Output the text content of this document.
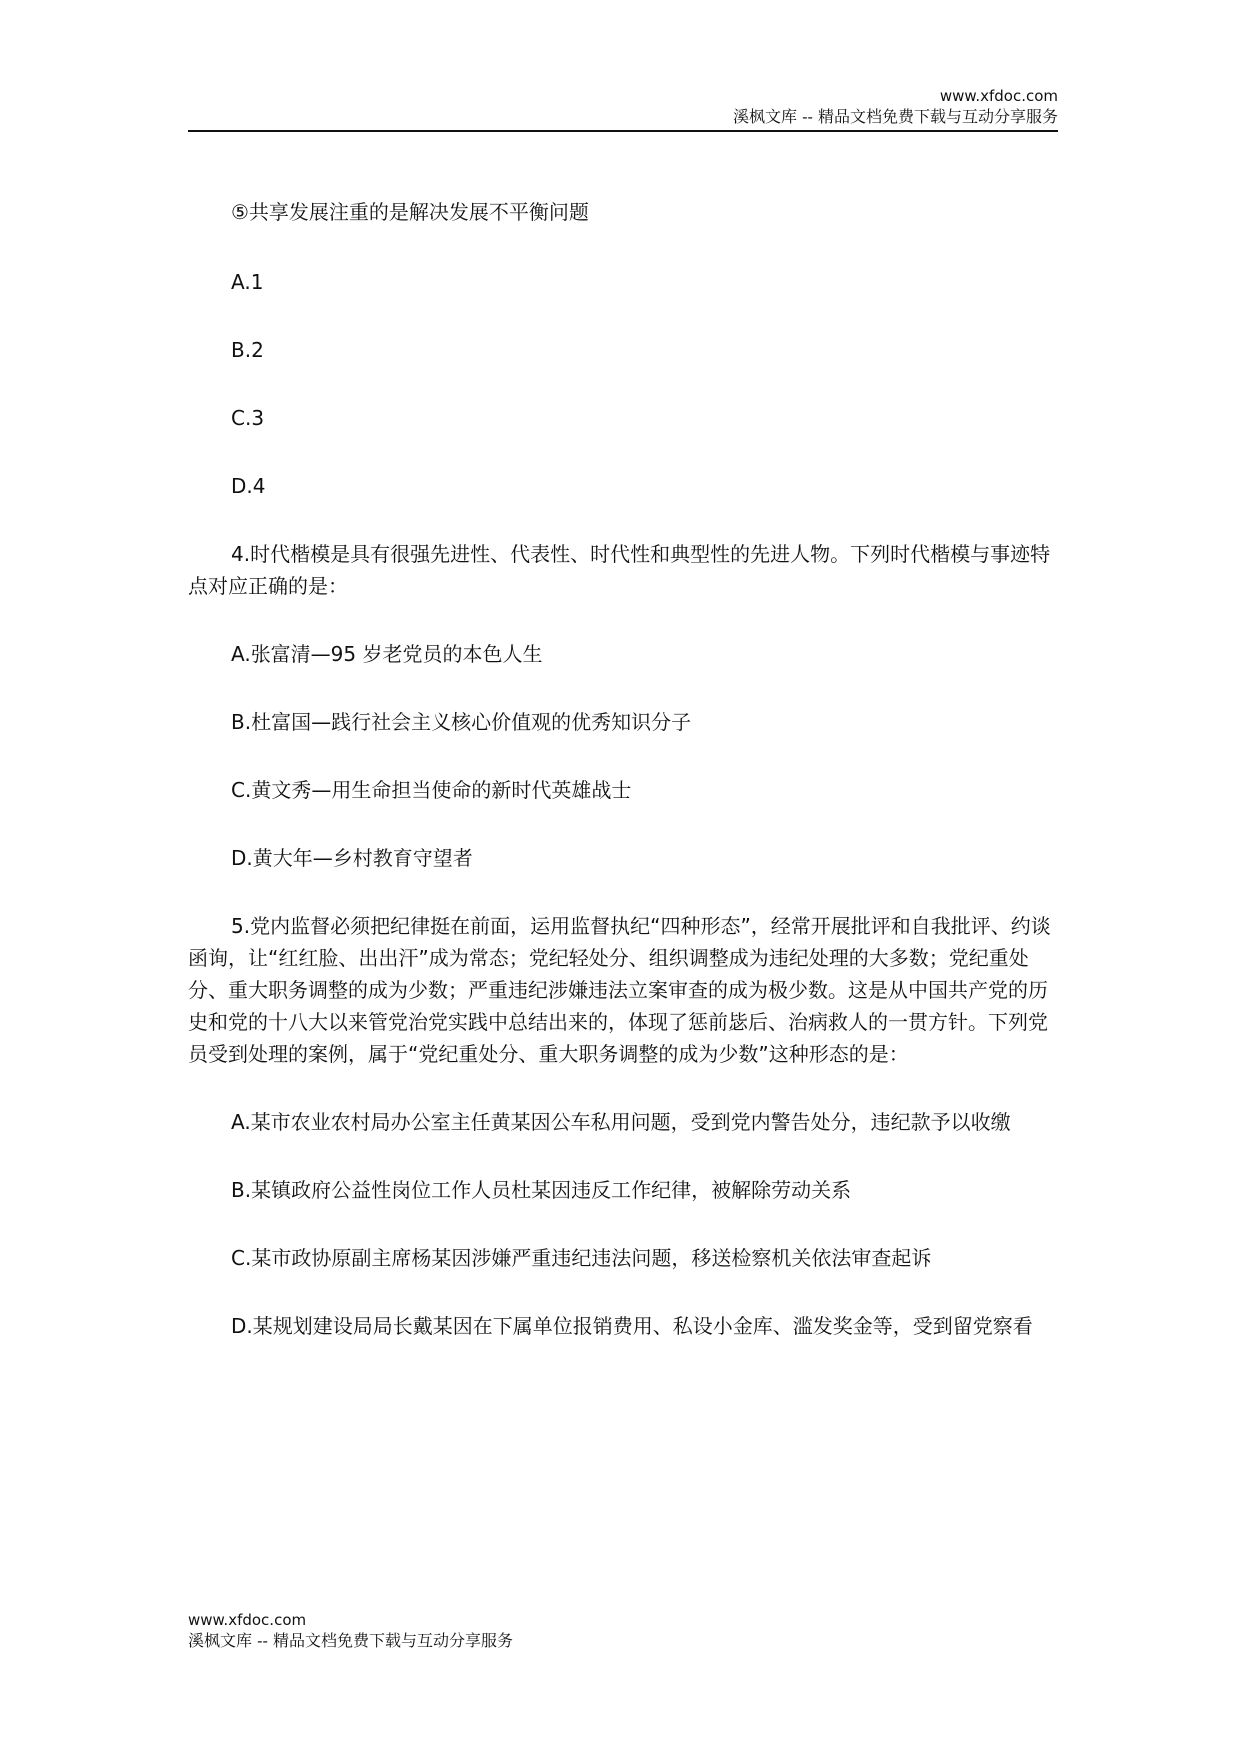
www.xfdoc.com
溪枫文库 -- 精品文档免费下载与互动分享服务

⑤共享发展注重的是解决发展不平衡问题

A.1

B.2

C.3

D.4

4.时代楷模是具有很强先进性、代表性、时代性和典型性的先进人物。下列时代楷模与事迹特点对应正确的是：

A.张富清—95 岁老党员的本色人生

B.杜富国—践行社会主义核心价值观的优秀知识分子

C.黄文秀—用生命担当使命的新时代英雄战士

D.黄大年—乡村教育守望者

5.党内监督必须把纪律挺在前面，运用监督执纪“四种形态”，经常开展批评和自我批评、约谈函询，让“红红脸、出出汗”成为常态；党纪轻处分、组织调整成为违纪处理的大多数；党纪重处分、重大职务调整的成为少数；严重违纪涉嫌违法立案审查的成为极少数。这是从中国共产党的历史和党的十八大以来管党治党实践中总结出来的，体现了惩前毖后、治病救人的一贯方针。下列党员受到处理的案例，属于“党纪重处分、重大职务调整的成为少数”这种形态的是：

A.某市农业农村局办公室主任黄某因公车私用问题，受到党内警告处分，违纪款予以收缴

B.某镇政府公益性岗位工作人员杜某因违反工作纪律，被解除劳动关系

C.某市政协原副主席杨某因涉嫌严重违纪违法问题，移送检察机关依法审查起诉

D.某规划建设局局长戴某因在下属单位报销费用、私设小金库、滥发奖金等，受到留党察看

www.xfdoc.com
溪枫文库 -- 精品文档免费下载与互动分享服务
